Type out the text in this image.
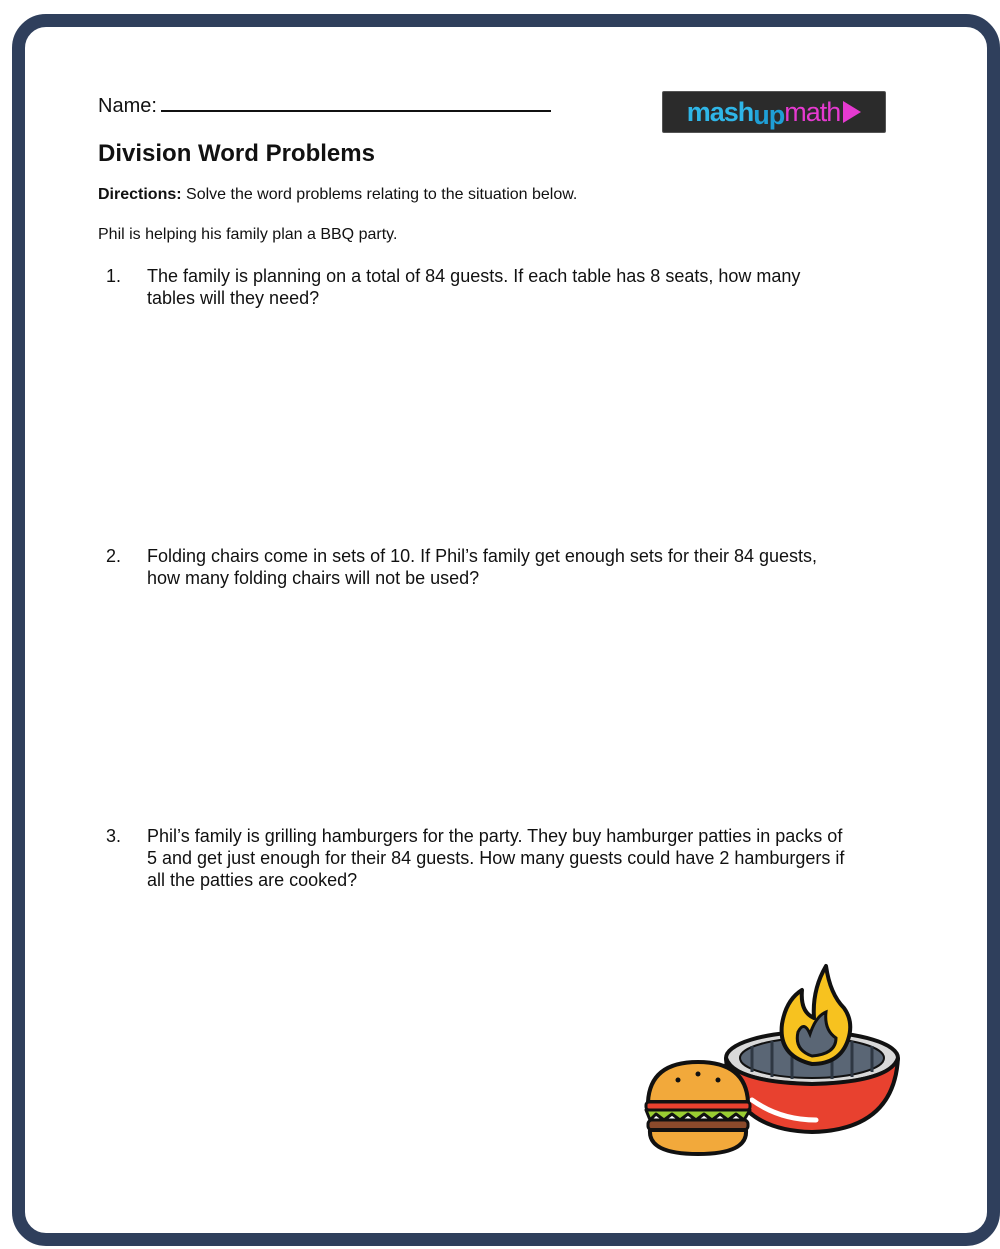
Name:	mash up math
Division Word Problems
Directions: Solve the word problems relating to the situation below.
Phil is helping his family plan a BBQ party.
1.	The family is planning on a total of 84 guests. If each table has 8 seats, how many tables will they need?
2.	Folding chairs come in sets of 10. If Phil’s family get enough sets for their 84 guests, how many folding chairs will not be used?
3.	Phil’s family is grilling hamburgers for the party. They buy hamburger patties in packs of 5 and get just enough for their 84 guests. How many guests could have 2 hamburgers if all the patties are cooked?
